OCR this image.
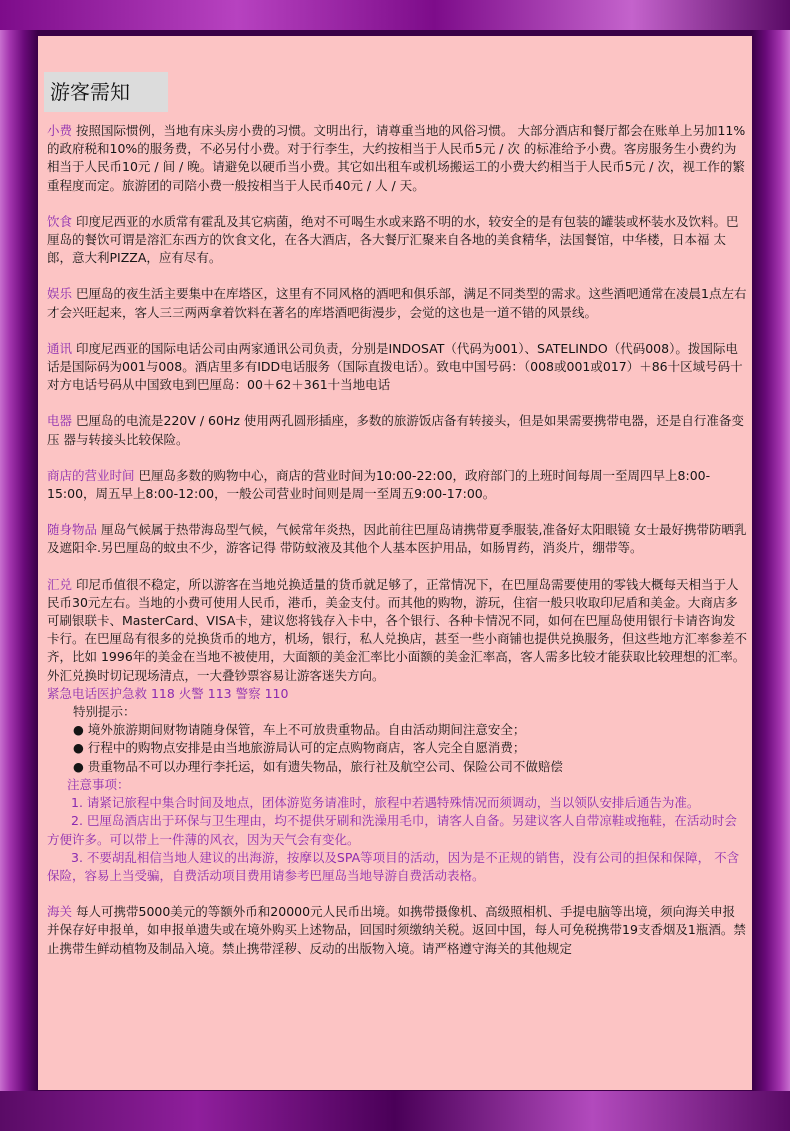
游客需知

小费 按照国际惯例，当地有床头房小费的习惯。文明出行，请尊重当地的风俗习惯。 大部分酒店和餐厅都会在账单上另加11%的政府税和10%的服务费，不必另付小费。对于行李生，大约按相当于人民币5元 / 次 的标准给予小费。客房服务生小费约为相当于人民币10元 / 间 / 晚。请避免以硬币当小费。其它如出租车或机场搬运工的小费大约相当于人民币5元 / 次，视工作的繁重程度而定。旅游团的司陪小费一般按相当于人民币40元 / 人 / 天。

饮食 印度尼西亚的水质常有霍乱及其它病菌，绝对不可喝生水或来路不明的水，较安全的是有包装的罐装或杯装水及饮料。巴厘岛的餐饮可谓是溶汇东西方的饮食文化，在各大酒店，各大餐厅汇聚来自各地的美食精华，法国餐馆，中华楼，日本福 太郎，意大利PIZZA，应有尽有。

娱乐 巴厘岛的夜生活主要集中在库塔区，这里有不同风格的酒吧和俱乐部，满足不同类型的需求。这些酒吧通常在凌晨1点左右才会兴旺起来，客人三三两两拿着饮料在著名的库塔酒吧街漫步，会觉的这也是一道不错的风景线。

通讯 印度尼西亚的国际电话公司由两家通讯公司负责，分别是INDOSAT（代码为001）、SATELINDO（代码008）。拨国际电话是国际码为001与008。酒店里多有IDD电话服务（国际直拨电话）。致电中国号码：（008或001或017）＋86十区域号码十对方电话号码从中国致电到巴厘岛：00＋62＋361十当地电话

电器 巴厘岛的电流是220V / 60Hz 使用两孔圆形插座，多数的旅游饭店备有转接头，但是如果需要携带电器，还是自行准备变压 器与转接头比较保险。

商店的营业时间 巴厘岛多数的购物中心，商店的营业时间为10:00-22:00，政府部门的上班时间每周一至周四早上8:00-15:00，周五早上8:00-12:00，一般公司营业时间则是周一至周五9:00-17:00。

随身物品 厘岛气候属于热带海岛型气候，气候常年炎热，因此前往巴厘岛请携带夏季服装,准备好太阳眼镜 女士最好携带防晒乳及遮阳伞.另巴厘岛的蚊虫不少，游客记得 带防蚊液及其他个人基本医护用品，如肠胃药，消炎片，绷带等。

汇兑 印尼币值很不稳定，所以游客在当地兑换适量的货币就足够了，正常情况下，在巴厘岛需要使用的零钱大概每天相当于人民币30元左右。当地的小费可使用人民币，港币，美金支付。而其他的购物，游玩，住宿一般只收取印尼盾和美金。大商店多可刷银联卡、MasterCard、VISA卡，建议您将钱存入卡中，各个银行、各种卡情况不同，如何在巴厘岛使用银行卡请咨询发卡行。在巴厘岛有很多的兑换货币的地方，机场，银行，私人兑换店，甚至一些小商铺也提供兑换服务，但这些地方汇率参差不齐，比如 1996年的美金在当地不被使用，大面额的美金汇率比小面额的美金汇率高，客人需多比较才能获取比较理想的汇率。外汇兑换时切记现场清点，一大叠钞票容易让游客迷失方向。

紧急电话医护急救 118 火警 113 警察 110

特别提示：

● 境外旅游期间财物请随身保管，车上不可放贵重物品。自由活动期间注意安全；

● 行程中的购物点安排是由当地旅游局认可的定点购物商店，客人完全自愿消费；

● 贵重物品不可以办理行李托运，如有遗失物品，旅行社及航空公司、保险公司不做赔偿

注意事项：

1. 请紧记旅程中集合时间及地点，团体游览务请准时，旅程中若遇特殊情况而须调动，当以领队安排后通告为准。

2. 巴厘岛酒店出于环保与卫生理由，均不提供牙刷和洗澡用毛巾，请客人自备。另建议客人自带凉鞋或拖鞋，在活动时会方便许多。可以带上一件薄的风衣，因为天气会有变化。

3. 不要胡乱相信当地人建议的出海游，按摩以及SPA等项目的活动，因为是不正规的销售，没有公司的担保和保障， 不含保险，容易上当受骗，自费活动项目费用请参考巴厘岛当地导游自费活动表格。

海关 每人可携带5000美元的等额外币和20000元人民币出境。如携带摄像机、高级照相机、手提电脑等出境，须向海关申报并保存好申报单，如申报单遗失或在境外购买上述物品，回国时须缴纳关税。返回中国，每人可免税携带19支香烟及1瓶酒。禁止携带生鲜动植物及制品入境。禁止携带淫秽、反动的出版物入境。请严格遵守海关的其他规定
